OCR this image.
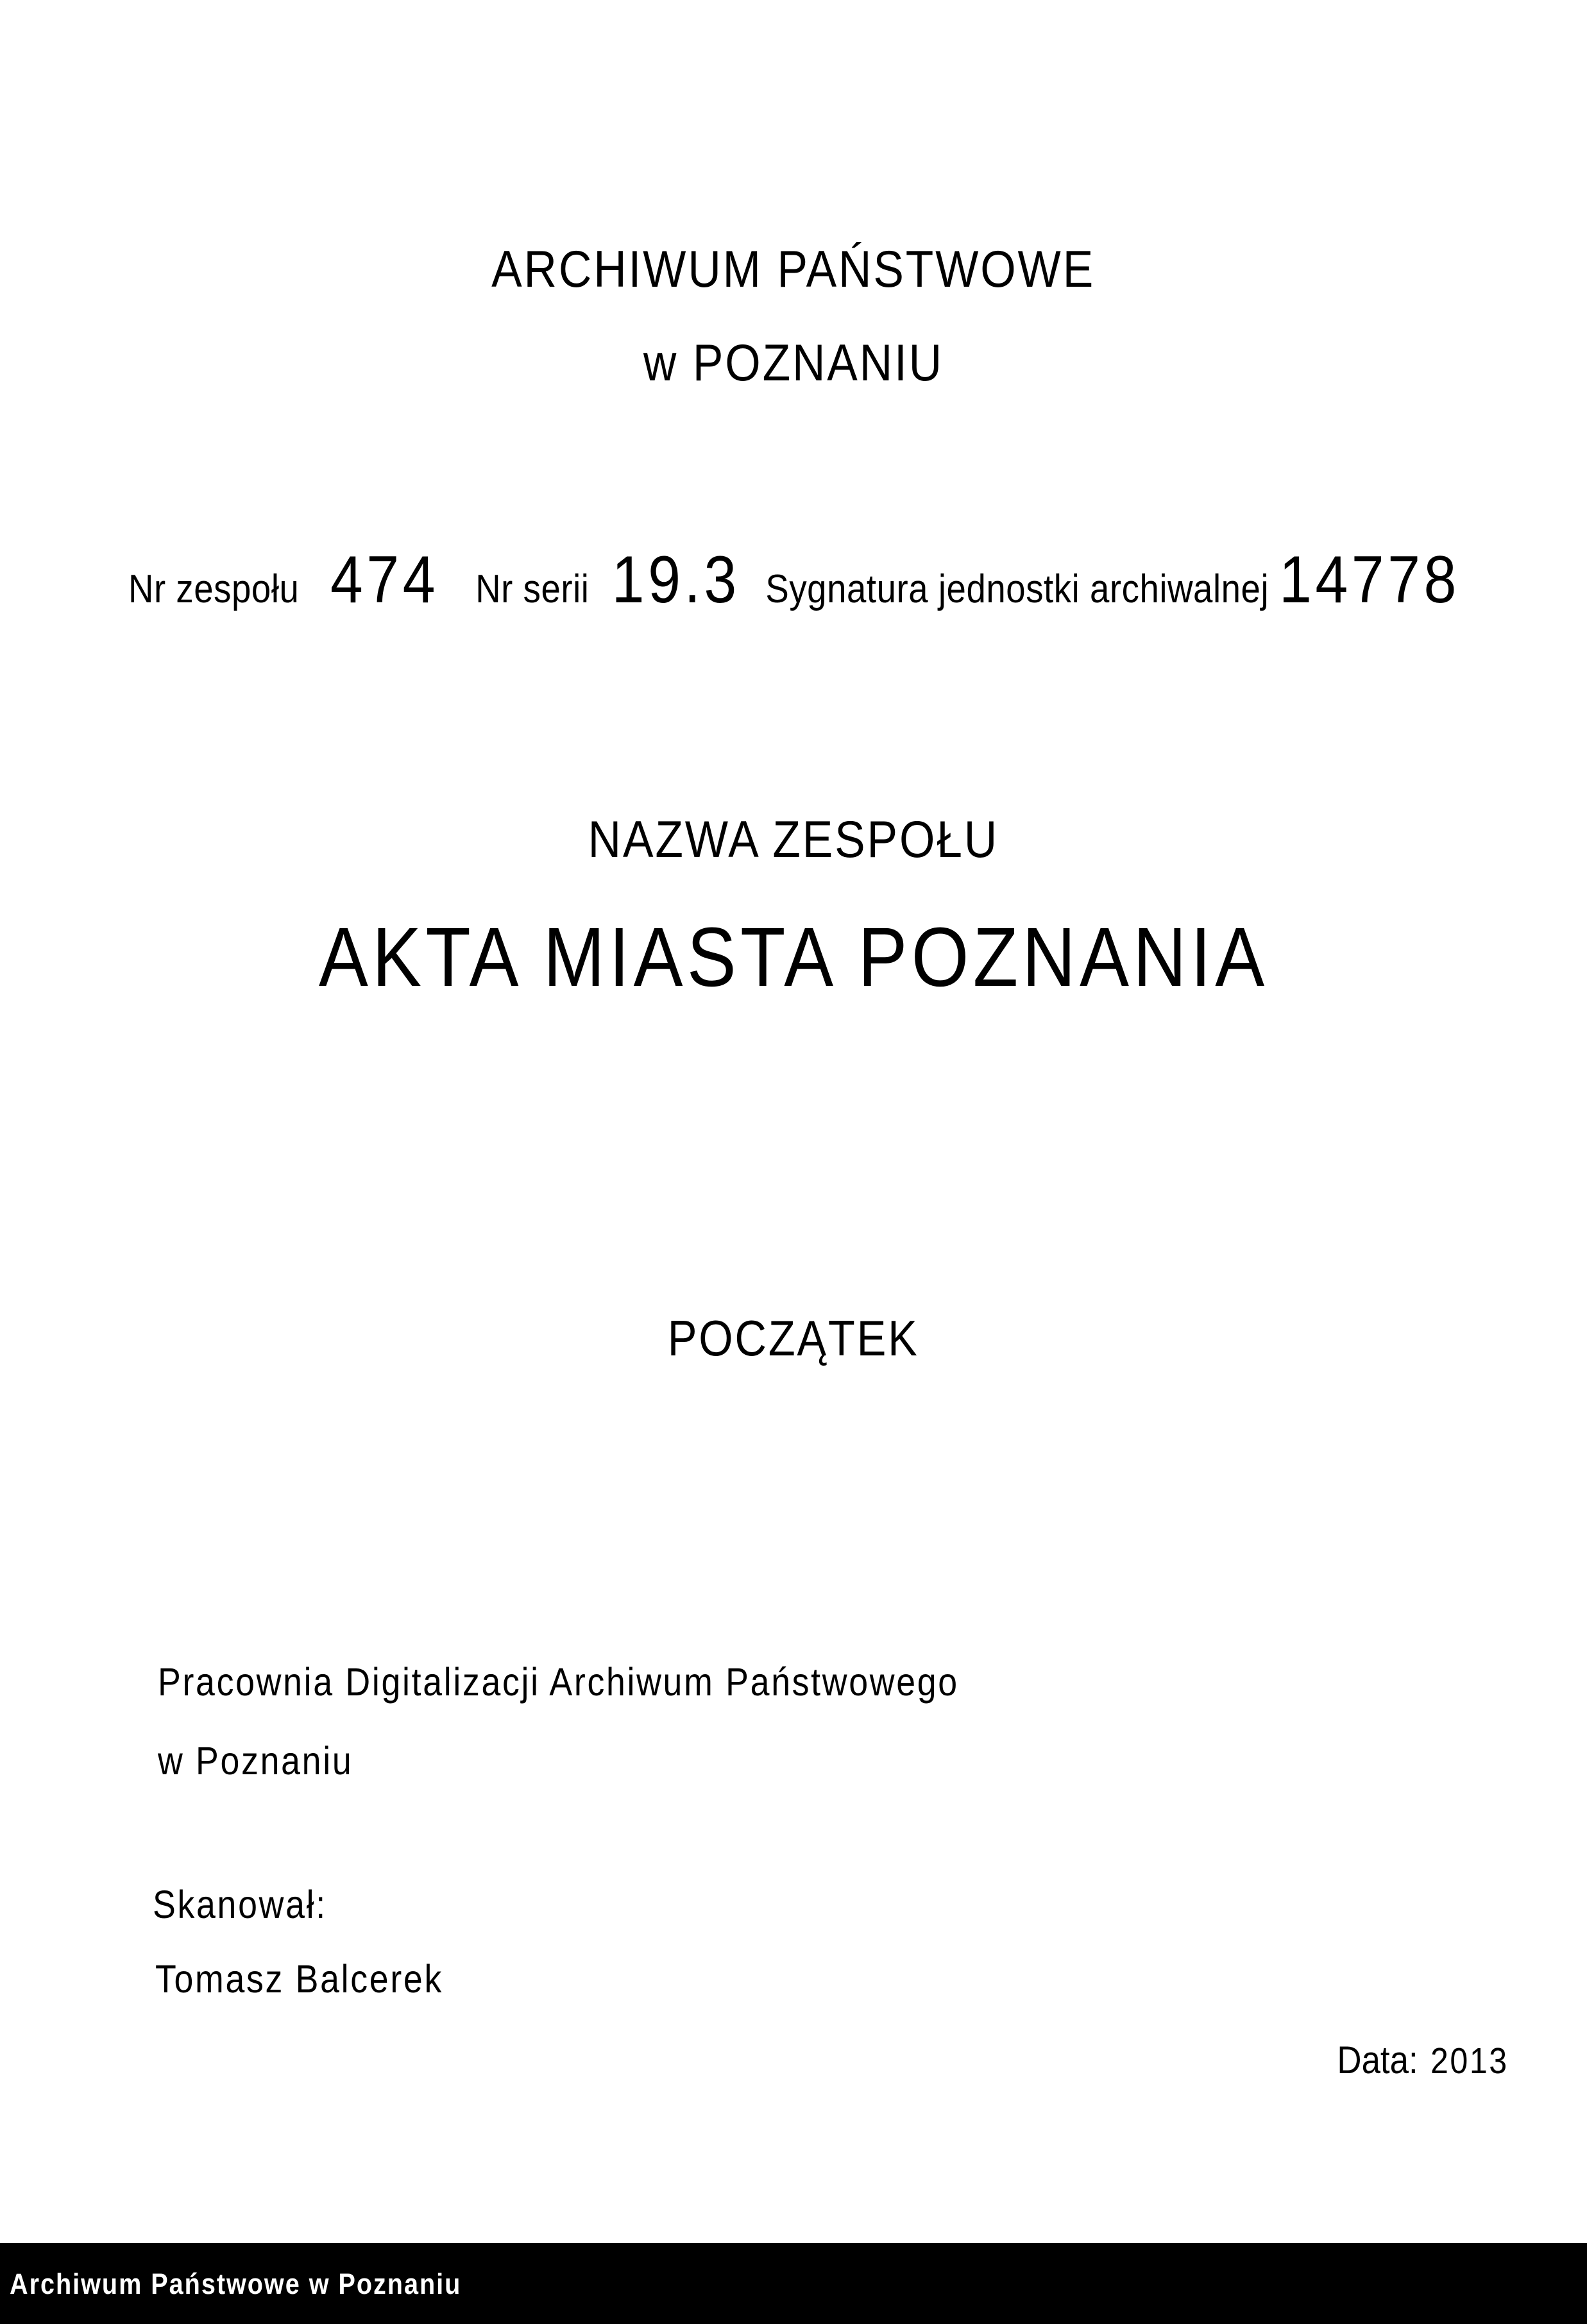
ARCHIWUM PAŃSTWOWE
w POZNANIU
Nr zespołu 474 Nr serii 19.3 Sygnatura jednostki archiwalnej 14778
NAZWA ZESPOŁU
AKTA MIASTA POZNANIA
POCZĄTEK
Pracownia Digitalizacji Archiwum Państwowego
w Poznaniu
Skanował:
Tomasz Balcerek
Data: 2013
Archiwum Państwowe w Poznaniu
